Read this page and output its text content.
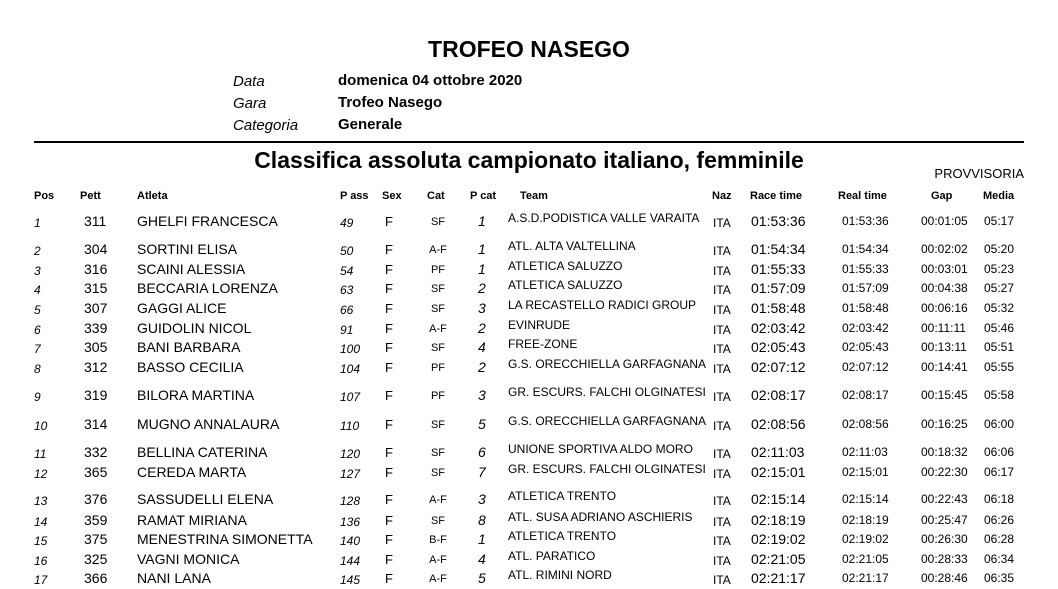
TROFEO NASEGO
Data	domenica 04 ottobre 2020
Gara	Trofeo Nasego
Categoria	Generale
Classifica assoluta campionato italiano, femminile
PROVVISORIA
Pos Pett	Atleta	P ass Sex Cat P cat Team	Naz Race time	Real time	Gap	Media
1	311 GHELFI FRANCESCA	49 F	SF	1 A.S.D.PODISTICA VALLE VARAITA	ITA 01:53:36	01:53:36	00:01:05 05:17
2	304 SORTINI ELISA	50 F	A-F	1 ATL. ALTA VALTELLINA	ITA 01:54:34	01:54:34	00:02:02 05:20
3	316 SCAINI ALESSIA	54 F	PF	1 ATLETICA SALUZZO	ITA 01:55:33	01:55:33	00:03:01 05:23
4	315 BECCARIA LORENZA	63 F	SF	2 ATLETICA SALUZZO	ITA 01:57:09	01:57:09	00:04:38 05:27
5	307 GAGGI ALICE	66 F	SF	3 LA RECASTELLO RADICI GROUP	ITA 01:58:48	01:58:48	00:06:16 05:32
6	339 GUIDOLIN NICOL	91 F	A-F	2 EVINRUDE	ITA 02:03:42	02:03:42	00:11:11 05:46
7	305 BANI BARBARA	100 F	SF	4 FREE-ZONE	ITA 02:05:43	02:05:43	00:13:11 05:51
8	312 BASSO CECILIA	104 F	PF	2 G.S. ORECCHIELLA GARFAGNANA ITA 02:07:12	02:07:12	00:14:41 05:55
9	319 BILORA MARTINA	107 F	PF	3 GR. ESCURS. FALCHI OLGINATESI ITA 02:08:17	02:08:17	00:15:45 05:58
10	314 MUGNO ANNALAURA	110 F	SF	5 G.S. ORECCHIELLA GARFAGNANA ITA 02:08:56	02:08:56	00:16:25 06:00
11	332 BELLINA CATERINA	120 F	SF	6 UNIONE SPORTIVA ALDO MORO	ITA 02:11:03	02:11:03	00:18:32 06:06
12	365 CEREDA MARTA	127 F	SF	7 GR. ESCURS. FALCHI OLGINATESI ITA 02:15:01	02:15:01	00:22:30 06:17
13	376 SASSUDELLI ELENA	128 F	A-F	3 ATLETICA TRENTO	ITA 02:15:14	02:15:14	00:22:43 06:18
14	359 RAMAT MIRIANA	136 F	SF	8 ATL. SUSA ADRIANO ASCHIERIS	ITA 02:18:19	02:18:19	00:25:47 06:26
15	375 MENESTRINA SIMONETTA 140 F	B-F	1 ATLETICA TRENTO	ITA 02:19:02	02:19:02	00:26:30 06:28
16	325 VAGNI MONICA	144 F	A-F	4 ATL. PARATICO	ITA 02:21:05	02:21:05	00:28:33 06:34
17	366 NANI LANA	145 F	A-F	5 ATL. RIMINI NORD	ITA 02:21:17	02:21:17	00:28:46 06:35
